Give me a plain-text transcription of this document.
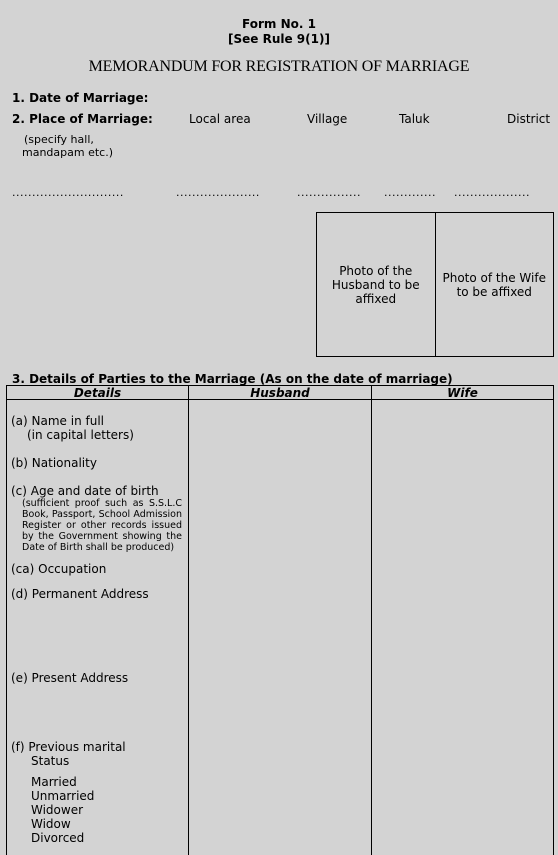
Form No. 1
[See Rule 9(1)]
MEMORANDUM FOR REGISTRATION OF MARRIAGE
1. Date of Marriage:
2. Place of Marriage:	Local area	Village	Taluk	District
(specify hall,
mandapam etc.)
............................	.....................	................ ............. ...................
Photo of the Husband to be affixed
Photo of the Wife to be affixed
3. Details of Parties to the Marriage (As on the date of marriage)
Details	Husband	Wife

(a) Name in full
(in capital letters)
(b) Nationality
(c) Age and date of birth
(sufficient proof such as S.S.L.C Book, Passport, School Admission Register or other records issued by the Government showing the Date of Birth shall be produced)
(ca) Occupation
(d) Permanent Address
(e) Present Address
(f) Previous marital
Status
Married
Unmarried
Widower
Widow
Divorced
